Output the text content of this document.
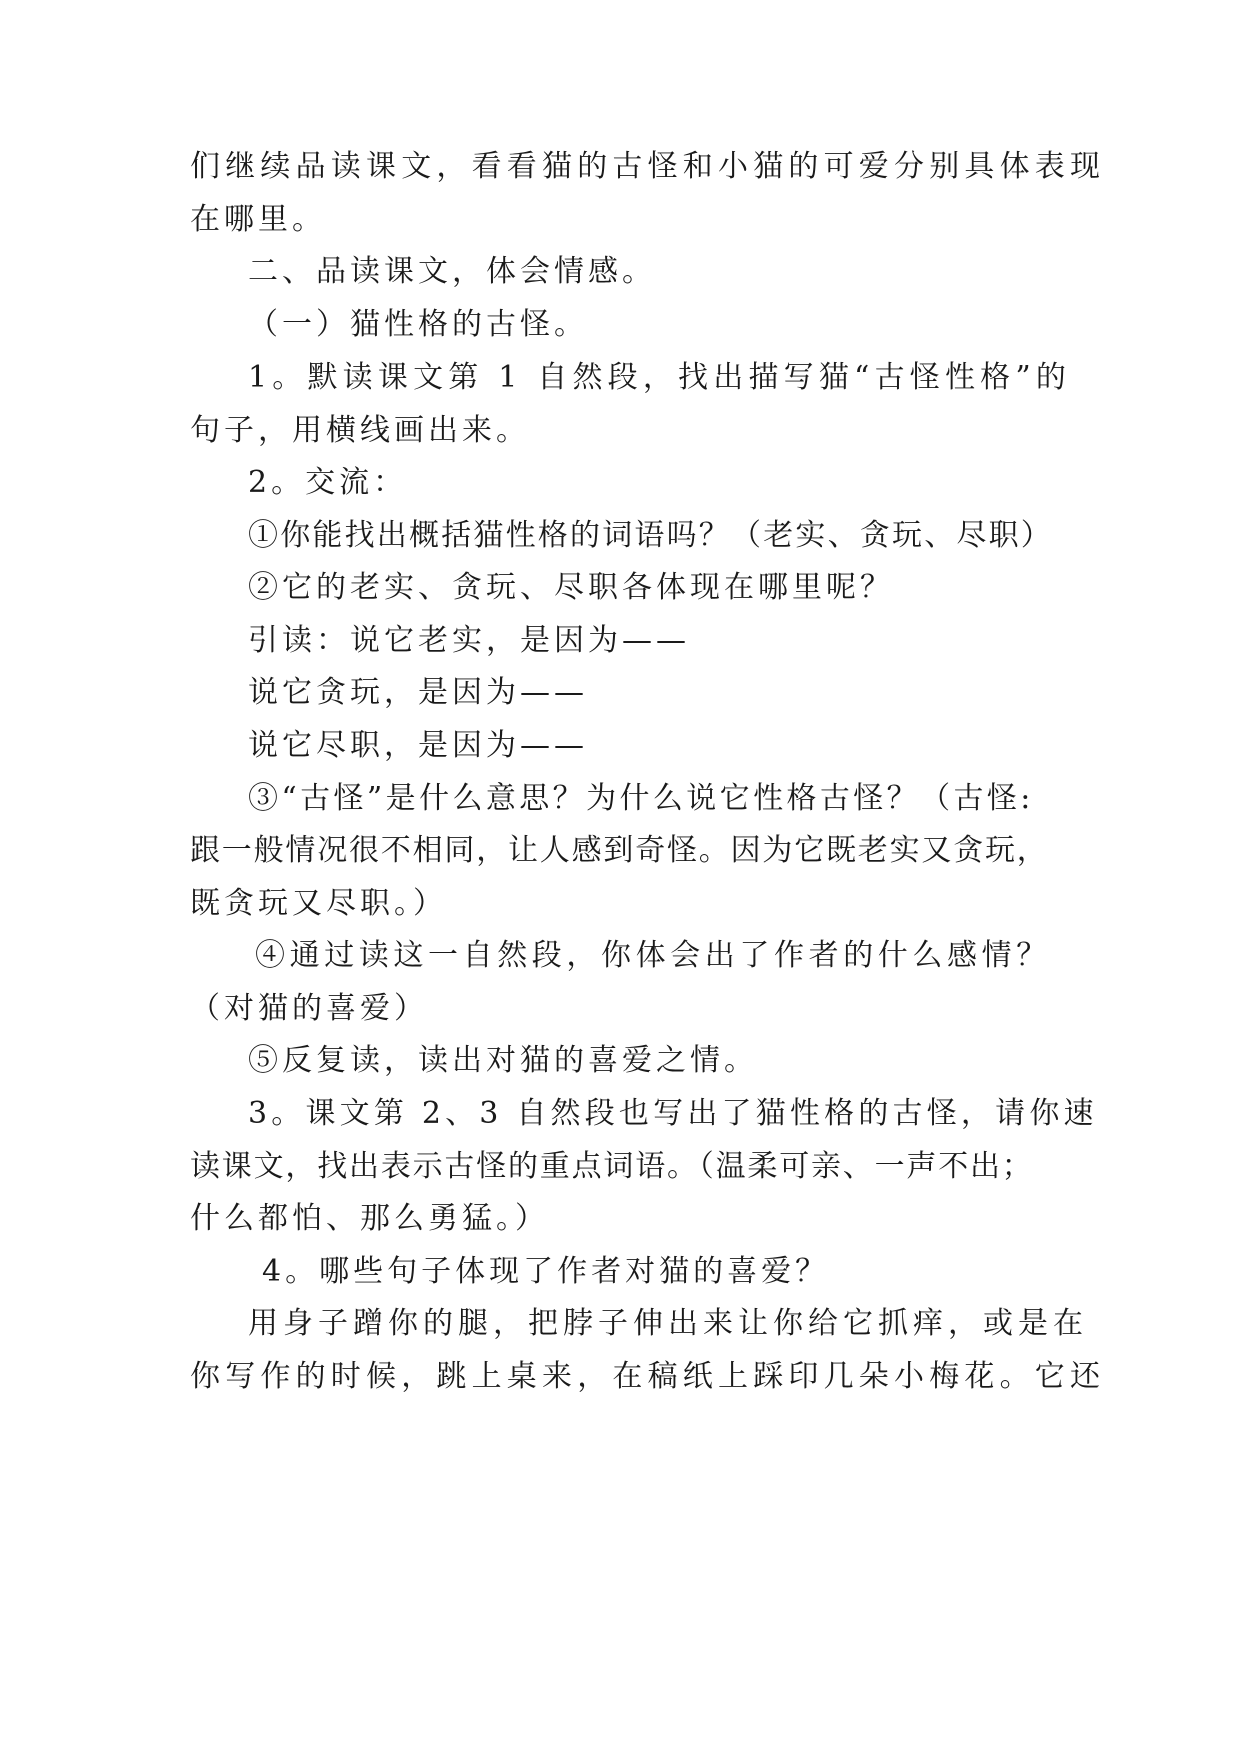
们继续品读课文，看看猫的古怪和小猫的可爱分别具体表现
在哪里。
二、品读课文，体会情感。
（一）猫性格的古怪。
1。默读课文第 1 自然段，找出描写猫“古怪性格”的
句子，用横线画出来。
2。交流：
①你能找出概括猫性格的词语吗？（老实、贪玩、尽职）
②它的老实、贪玩、尽职各体现在哪里呢？
引读：说它老实，是因为——
说它贪玩，是因为——
说它尽职，是因为——
③“古怪”是什么意思？为什么说它性格古怪？（古怪:
跟一般情况很不相同，让人感到奇怪。因为它既老实又贪玩，
既贪玩又尽职。）
④通过读这一自然段，你体会出了作者的什么感情？
（对猫的喜爱）
⑤反复读，读出对猫的喜爱之情。
3。课文第 2、3 自然段也写出了猫性格的古怪，请你速
读课文，找出表示古怪的重点词语。（温柔可亲、一声不出；
什么都怕、那么勇猛。）
4。哪些句子体现了作者对猫的喜爱？
用身子蹭你的腿，把脖子伸出来让你给它抓痒，或是在
你写作的时候，跳上桌来，在稿纸上踩印几朵小梅花。它还
